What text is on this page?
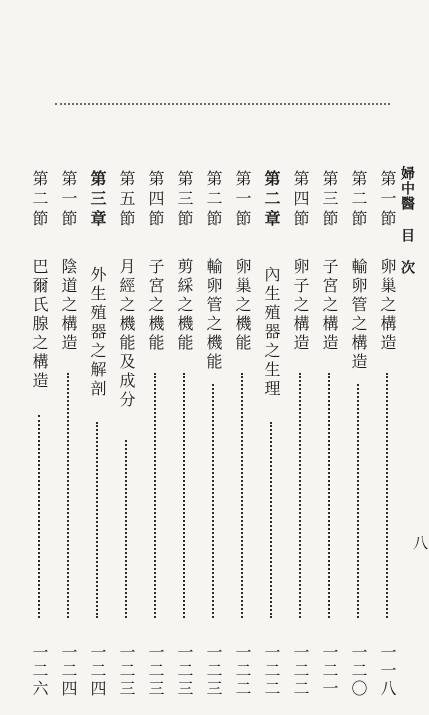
婦中醫 目 次
八
第一節
卵巢之構造
一一八
第二節
輸卵管之構造
一二〇
第三節
子宮之構造
一二一
第四節
卵子之構造
一二二
第二章
內生殖器之生理
一二二
第一節
卵巢之機能
一二二
第二節
輸卵管之機能
一二三
第三節
剪綵之機能
一二三
第四節
子宮之機能
一二三
第五節
月經之機能及成分
一二三
第三章
外生殖器之解剖
一二四
第一節
陰道之構造
一二四
第二節
巴爾氏腺之構造
一二六
